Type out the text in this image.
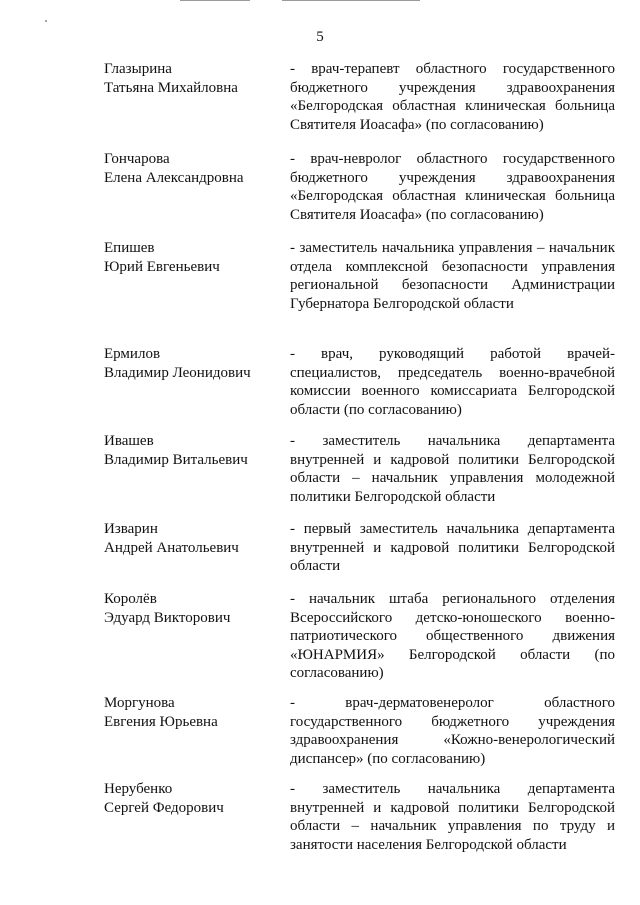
5
Глазырина
Татьяна Михайловна
- врач-терапевт областного государственного бюджетного учреждения здравоохранения «Белгородская областная клиническая больница Святителя Иоасафа» (по согласованию)
Гончарова
Елена Александровна
- врач-невролог областного государственного бюджетного учреждения здравоохранения «Белгородская областная клиническая больница Святителя Иоасафа» (по согласованию)
Епишев
Юрий Евгеньевич
- заместитель начальника управления – начальник отдела комплексной безопасности управления региональной безопасности Администрации Губернатора Белгородской области
Ермилов
Владимир Леонидович
- врач, руководящий работой врачей-специалистов, председатель военно-врачебной комиссии военного комиссариата Белгородской области (по согласованию)
Ивашев
Владимир Витальевич
- заместитель начальника департамента внутренней и кадровой политики Белгородской области – начальник управления молодежной политики Белгородской области
Изварин
Андрей Анатольевич
- первый заместитель начальника департамента внутренней и кадровой политики Белгородской области
Королёв
Эдуард Викторович
- начальник штаба регионального отделения Всероссийского детско-юношеского военно-патриотического общественного движения «ЮНАРМИЯ» Белгородской области (по согласованию)
Моргунова
Евгения Юрьевна
- врач-дерматовенеролог областного государственного бюджетного учреждения здравоохранения «Кожно-венерологический диспансер» (по согласованию)
Нерубенко
Сергей Федорович
- заместитель начальника департамента внутренней и кадровой политики Белгородской области – начальник управления по труду и занятости населения Белгородской области
